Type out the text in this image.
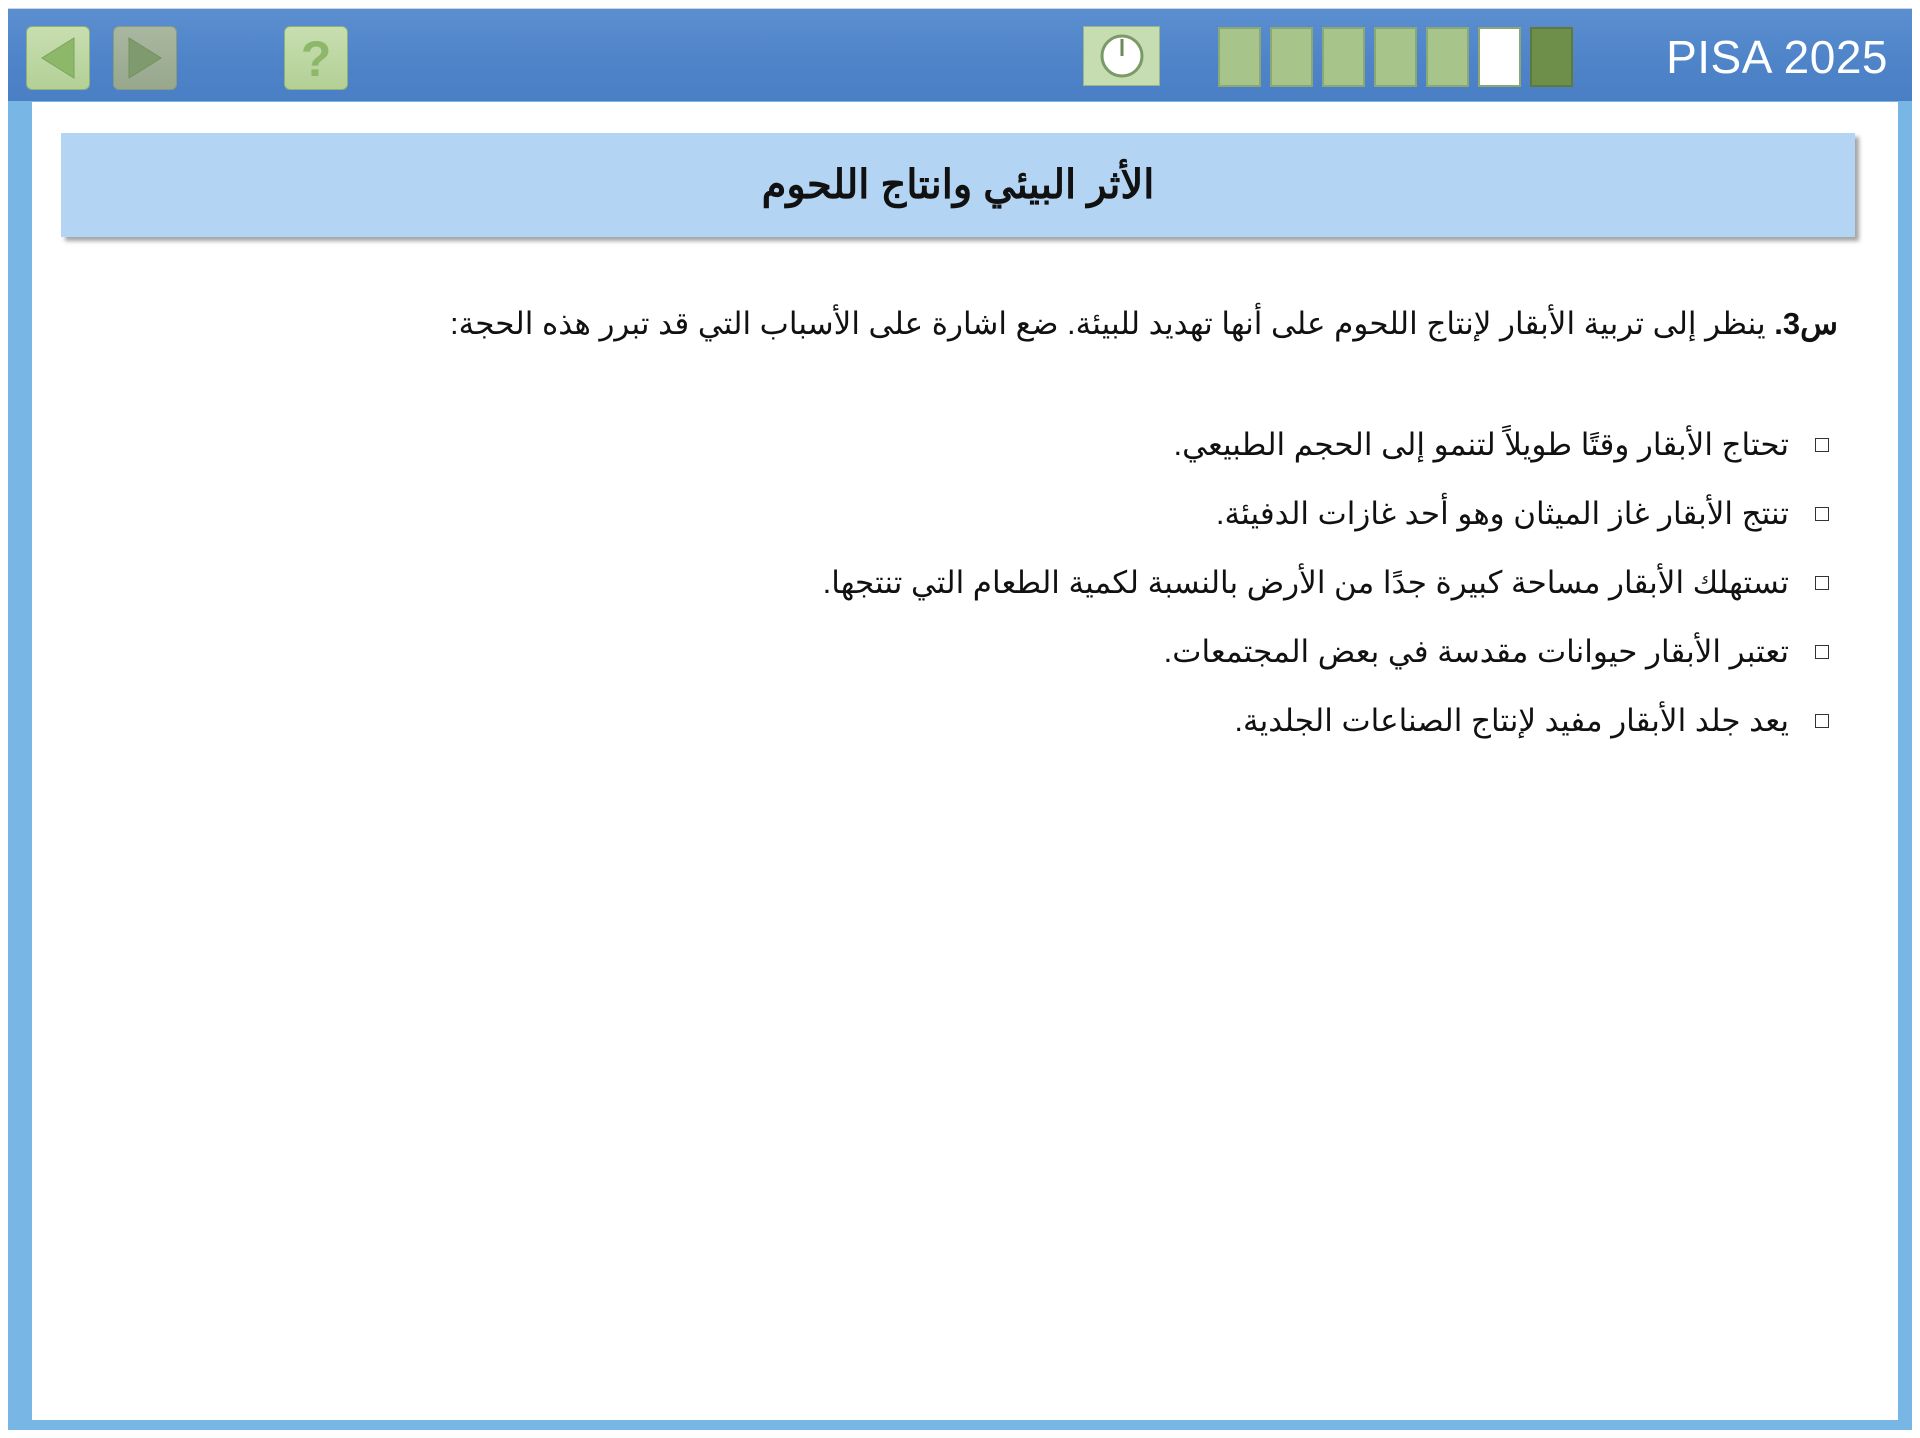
?	PISA 2025
الأثر البيئي وانتاج اللحوم
س3. ينظر إلى تربية الأبقار لإنتاج اللحوم على أنها تهديد للبيئة. ضع اشارة على الأسباب التي قد تبرر هذه الحجة:
تحتاج الأبقار وقتًا طويلاً لتنمو إلى الحجم الطبيعي.
تنتج الأبقار غاز الميثان وهو أحد غازات الدفيئة.
تستهلك الأبقار مساحة كبيرة جدًا من الأرض بالنسبة لكمية الطعام التي تنتجها.
تعتبر الأبقار حيوانات مقدسة في بعض المجتمعات.
يعد جلد الأبقار مفيد لإنتاج الصناعات الجلدية.
